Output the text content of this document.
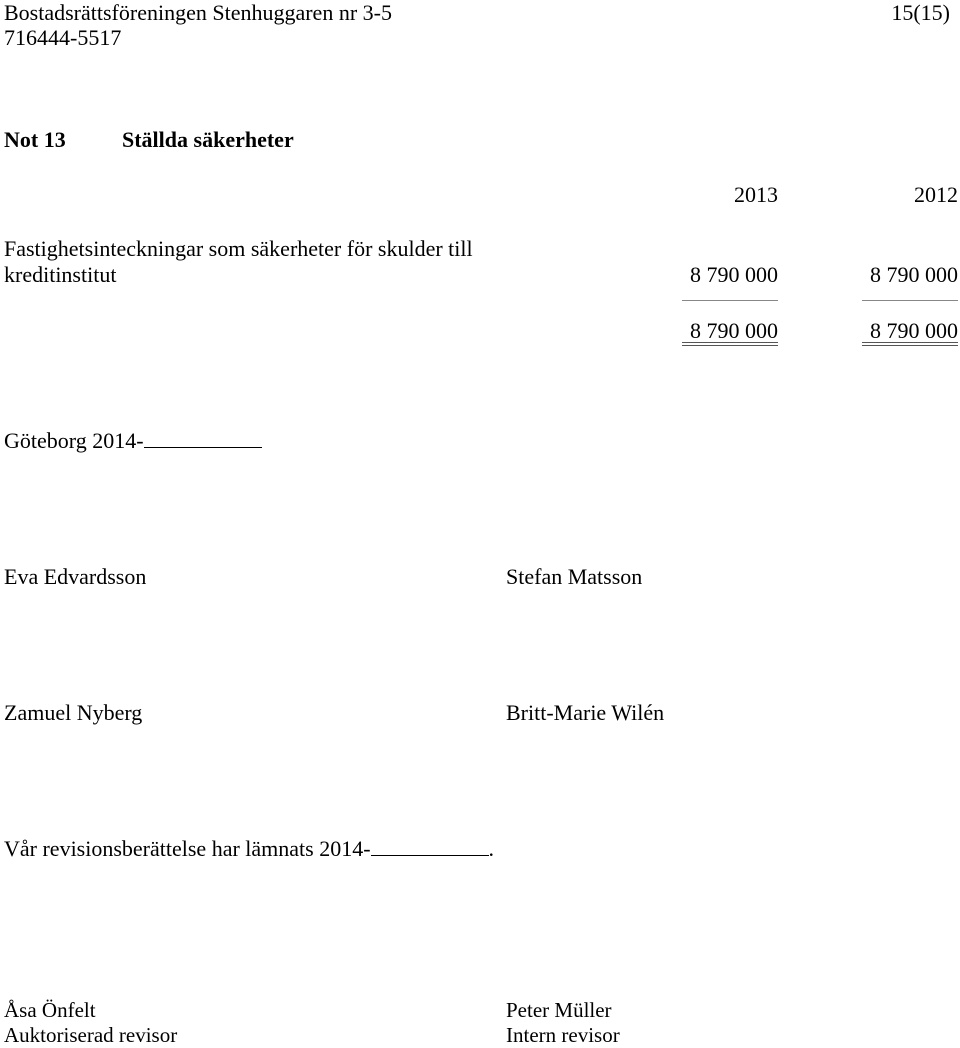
Bostadsrättsföreningen Stenhuggaren nr 3-5	15(15)
716444-5517
Not 13	Ställda säkerheter
2013	2012
Fastighetsinteckningar som säkerheter för skulder till
kreditinstitut	8 790 000	8 790 000
8 790 000	8 790 000
Göteborg 2014-
Eva Edvardsson	Stefan Matsson
Zamuel Nyberg	Britt-Marie Wilén
Vår revisionsberättelse har lämnats 2014-	.
Åsa Önfelt
Auktoriserad revisor
Peter Müller
Intern revisor
